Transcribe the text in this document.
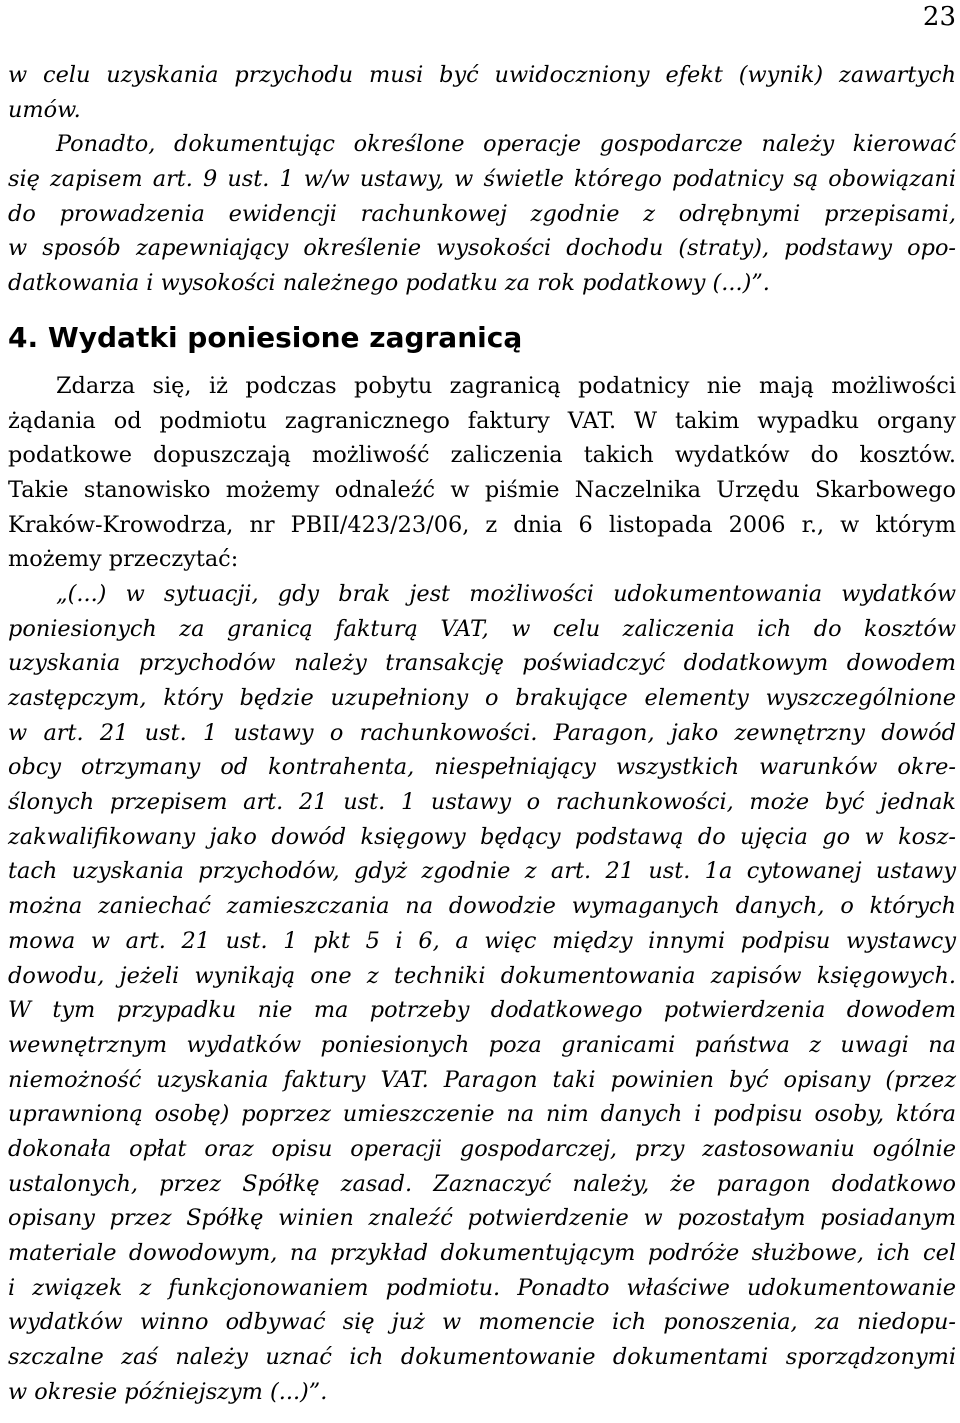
23
w celu uzyskania przychodu musi być uwidoczniony efekt (wynik) zawartych
umów.
Ponadto, dokumentując określone operacje gospodarcze należy kierować
się zapisem art. 9 ust. 1 w/w ustawy, w świetle którego podatnicy są obowiązani
do prowadzenia ewidencji rachunkowej zgodnie z odrębnymi przepisami,
w sposób zapewniający określenie wysokości dochodu (straty), podstawy opo-
datkowania i wysokości należnego podatku za rok podatkowy (...)”.
4. Wydatki poniesione zagranicą
Zdarza się, iż podczas pobytu zagranicą podatnicy nie mają możliwości
żądania od podmiotu zagranicznego faktury VAT. W takim wypadku organy
podatkowe dopuszczają możliwość zaliczenia takich wydatków do kosztów.
Takie stanowisko możemy odnaleźć w piśmie Naczelnika Urzędu Skarbowego
Kraków-Krowodrza, nr PBII/423/23/06, z dnia 6 listopada 2006 r., w którym
możemy przeczytać:
„(...) w sytuacji, gdy brak jest możliwości udokumentowania wydatków
poniesionych za granicą fakturą VAT, w celu zaliczenia ich do kosztów
uzyskania przychodów należy transakcję poświadczyć dodatkowym dowodem
zastępczym, który będzie uzupełniony o brakujące elementy wyszczególnione
w art. 21 ust. 1 ustawy o rachunkowości. Paragon, jako zewnętrzny dowód
obcy otrzymany od kontrahenta, niespełniający wszystkich warunków okre-
ślonych przepisem art. 21 ust. 1 ustawy o rachunkowości, może być jednak
zakwalifikowany jako dowód księgowy będący podstawą do ujęcia go w kosz-
tach uzyskania przychodów, gdyż zgodnie z art. 21 ust. 1a cytowanej ustawy
można zaniechać zamieszczania na dowodzie wymaganych danych, o których
mowa w art. 21 ust. 1 pkt 5 i 6, a więc między innymi podpisu wystawcy
dowodu, jeżeli wynikają one z techniki dokumentowania zapisów księgowych.
W tym przypadku nie ma potrzeby dodatkowego potwierdzenia dowodem
wewnętrznym wydatków poniesionych poza granicami państwa z uwagi na
niemożność uzyskania faktury VAT. Paragon taki powinien być opisany (przez
uprawnioną osobę) poprzez umieszczenie na nim danych i podpisu osoby, która
dokonała opłat oraz opisu operacji gospodarczej, przy zastosowaniu ogólnie
ustalonych, przez Spółkę zasad. Zaznaczyć należy, że paragon dodatkowo
opisany przez Spółkę winien znaleźć potwierdzenie w pozostałym posiadanym
materiale dowodowym, na przykład dokumentującym podróże służbowe, ich cel
i związek z funkcjonowaniem podmiotu. Ponadto właściwe udokumentowanie
wydatków winno odbywać się już w momencie ich ponoszenia, za niedopu-
szczalne zaś należy uznać ich dokumentowanie dokumentami sporządzonymi
w okresie późniejszym (...)”.
